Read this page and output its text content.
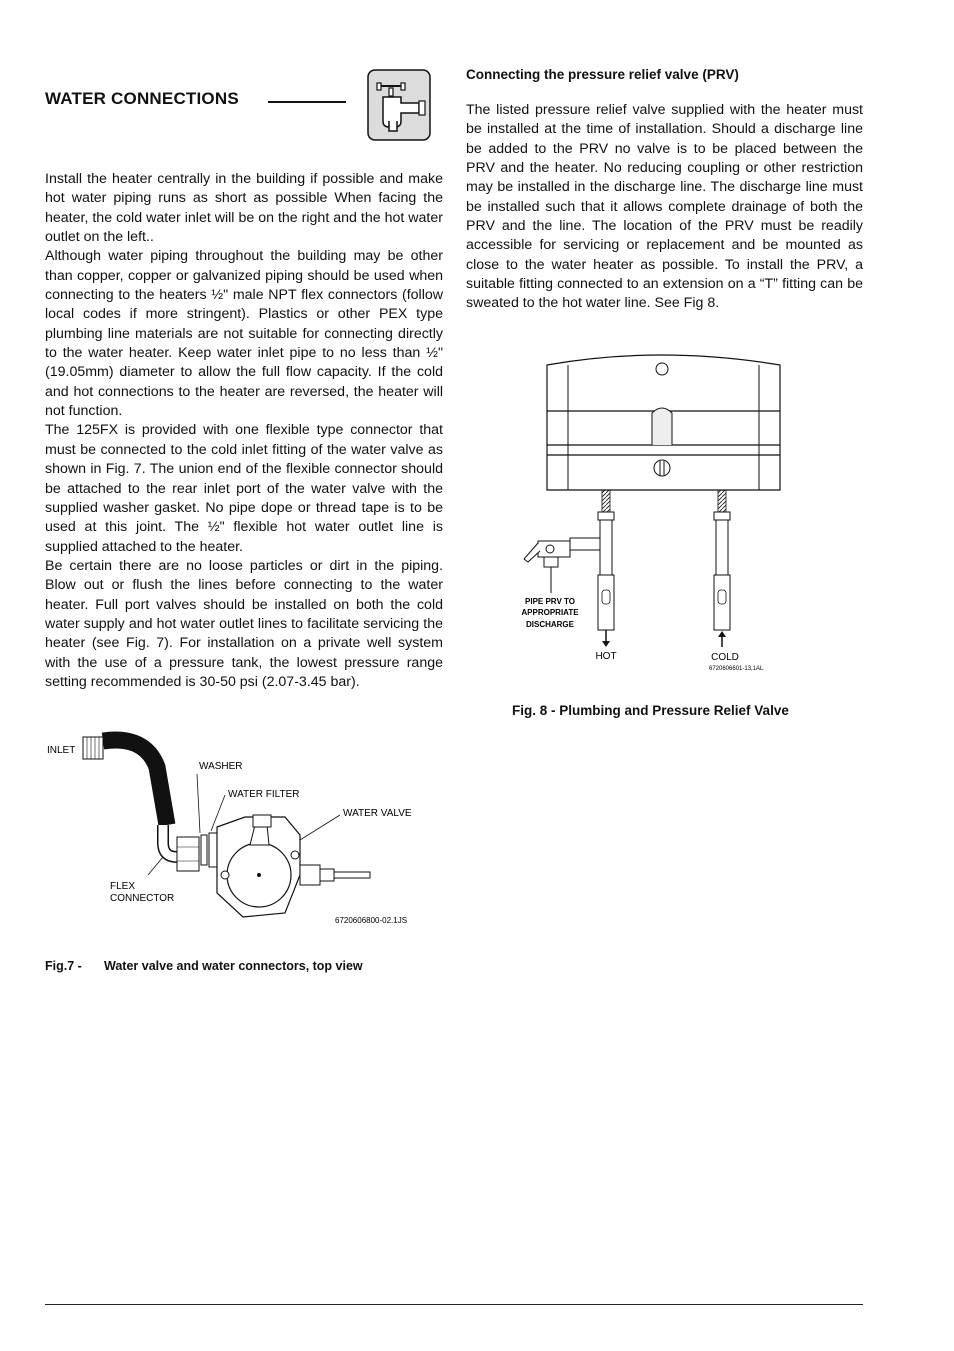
WATER CONNECTIONS

Install the heater centrally in the building if possible and make hot water piping runs as short as possible When facing the heater, the cold water inlet will be on the right and the hot water outlet on the left..

Although water piping throughout the building may be other than copper, copper or galvanized piping should be used when connecting to the heaters ½" male NPT flex connectors (follow local codes if more stringent). Plastics or other PEX type plumbing line materials are not suitable for connecting directly to the water heater. Keep water inlet pipe to no less than ½" (19.05mm) diameter to allow the full flow capacity. If the cold and hot connections to the heater are reversed, the heater will not function.

The 125FX is provided with one flexible type connector that must be connected to the cold inlet fitting of the water valve as shown in Fig. 7. The union end of the flexible connector should be attached to the rear inlet port of the water valve with the supplied washer gasket. No pipe dope or thread tape is to be used at this joint. The ½" flexible hot water outlet line is supplied attached to the heater.

Be certain there are no loose particles or dirt in the piping. Blow out or flush the lines before connecting to the water heater. Full port valves should be installed on both the cold water supply and hot water outlet lines to facilitate servicing the heater (see Fig. 7). For installation on a private well system with the use of a pressure tank, the lowest pressure range setting recommended is 30-50 psi (2.07-3.45 bar).

Connecting the pressure relief valve (PRV)

The listed pressure relief valve supplied with the heater must be installed at the time of installation. Should a discharge line be added to the PRV no valve is to be placed between the PRV and the heater. No reducing coupling or other restriction may be installed in the discharge line. The discharge line must be installed such that it allows complete drainage of both the PRV and the line. The location of the PRV must be readily accessible for servicing or replacement and be mounted as close to the water heater as possible. To install the PRV, a suitable fitting connected to an extension on a “T” fitting can be sweated to the hot water line. See Fig 8.

PIPE PRV TO
APPROPRIATE
DISCHARGE
HOT	COLD
6720606601-13,1AL
Fig. 8 - Plumbing and Pressure Relief Valve
INLET
WASHER
WATER FILTER
WATER VALVE
FLEX
CONNECTOR
6720606800-02.1JS
Fig.7 - Water valve and water connectors, top view
